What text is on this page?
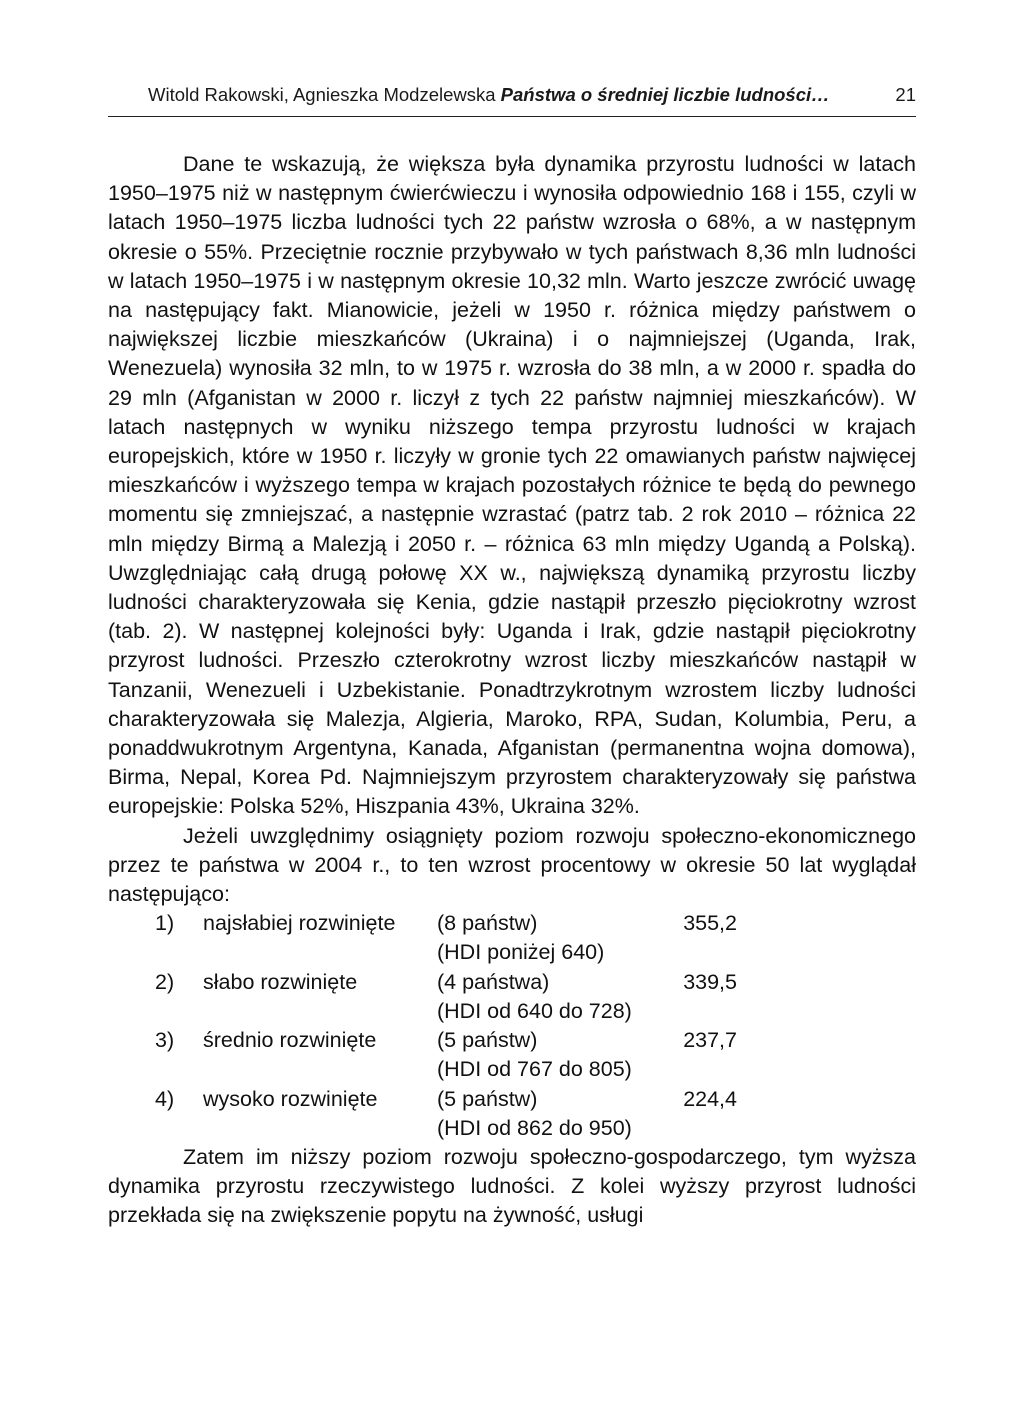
Witold Rakowski, Agnieszka Modzelewska Państwa o średniej liczbie ludności…	21

Dane te wskazują, że większa była dynamika przyrostu ludności w latach 1950–1975 niż w następnym ćwierćwieczu i wynosiła odpowiednio 168 i 155, czyli w latach 1950–1975 liczba ludności tych 22 państw wzrosła o 68%, a w następnym okresie o 55%. Przeciętnie rocznie przybywało w tych państwach 8,36 mln ludności w latach 1950–1975 i w następnym okresie 10,32 mln. Warto jeszcze zwrócić uwagę na następujący fakt. Mianowicie, jeżeli w 1950 r. różnica między państwem o największej liczbie mieszkańców (Ukraina) i o najmniejszej (Uganda, Irak, Wenezuela) wynosiła 32 mln, to w 1975 r. wzrosła do 38 mln, a w 2000 r. spadła do 29 mln (Afganistan w 2000 r. liczył z tych 22 państw najmniej mieszkańców). W latach następnych w wyniku niższego tempa przyrostu ludności w krajach europejskich, które w 1950 r. liczyły w gronie tych 22 omawianych państw najwięcej mieszkańców i wyższego tempa w krajach pozostałych różnice te będą do pewnego momentu się zmniejszać, a następnie wzrastać (patrz tab. 2 rok 2010 – różnica 22 mln między Birmą a Malezją i 2050 r. – różnica 63 mln między Ugandą a Polską). Uwzględniając całą drugą połowę XX w., największą dynamiką przyrostu liczby ludności charakteryzowała się Kenia, gdzie nastąpił przeszło pięciokrotny wzrost (tab. 2). W następnej kolejności były: Uganda i Irak, gdzie nastąpił pięciokrotny przyrost ludności. Przeszło czterokrotny wzrost liczby mieszkańców nastąpił w Tanzanii, Wenezueli i Uzbekistanie. Ponadtrzykrotnym wzrostem liczby ludności charakteryzowała się Malezja, Algieria, Maroko, RPA, Sudan, Kolumbia, Peru, a ponaddwukrotnym Argentyna, Kanada, Afganistan (permanentna wojna domowa), Birma, Nepal, Korea Pd. Najmniejszym przyrostem charakteryzowały się państwa europejskie: Polska 52%, Hiszpania 43%, Ukraina 32%.

Jeżeli uwzględnimy osiągnięty poziom rozwoju społeczno-ekonomicznego przez te państwa w 2004 r., to ten wzrost procentowy w okresie 50 lat wyglądał następująco:

1)	najsłabiej rozwinięte	(8 państw)	355,2
(HDI poniżej 640)
2)	słabo rozwinięte	(4 państwa)	339,5
(HDI od 640 do 728)
3)	średnio rozwinięte	(5 państw)	237,7
(HDI od 767 do 805)
4)	wysoko rozwinięte	(5 państw)	224,4
(HDI od 862 do 950)

Zatem im niższy poziom rozwoju społeczno-gospodarczego, tym wyższa dynamika przyrostu rzeczywistego ludności. Z kolei wyższy przyrost ludności przekłada się na zwiększenie popytu na żywność, usługi
